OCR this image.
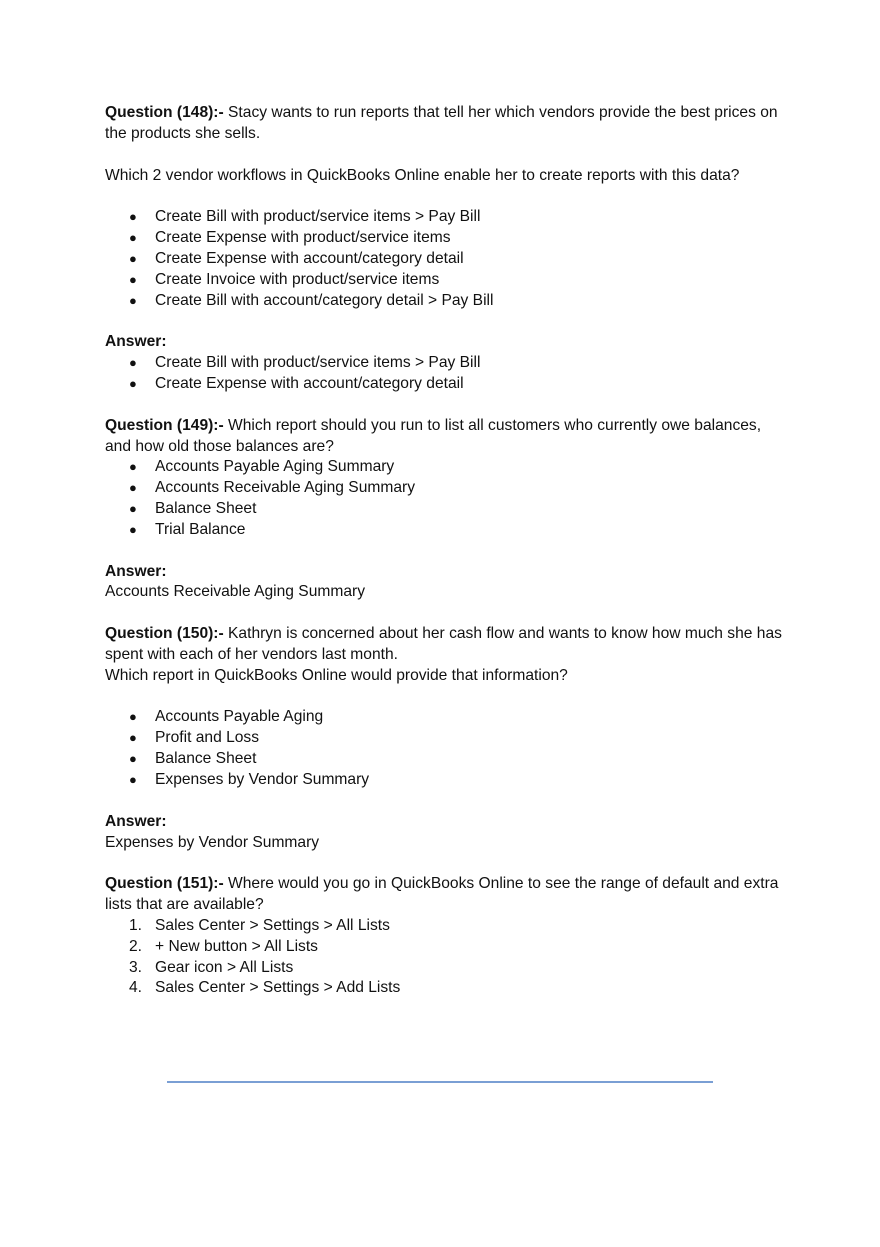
Question (148):- Stacy wants to run reports that tell her which vendors provide the best prices on the products she sells.

Which 2 vendor workflows in QuickBooks Online enable her to create reports with this data?

● Create Bill with product/service items > Pay Bill
● Create Expense with product/service items
● Create Expense with account/category detail
● Create Invoice with product/service items
● Create Bill with account/category detail > Pay Bill

Answer:

● Create Bill with product/service items > Pay Bill
● Create Expense with account/category detail

Question (149):- Which report should you run to list all customers who currently owe balances, and how old those balances are?

● Accounts Payable Aging Summary
● Accounts Receivable Aging Summary
● Balance Sheet
● Trial Balance

Answer:

Accounts Receivable Aging Summary

Question (150):- Kathryn is concerned about her cash flow and wants to know how much she has spent with each of her vendors last month.

Which report in QuickBooks Online would provide that information?

● Accounts Payable Aging
● Profit and Loss
● Balance Sheet
● Expenses by Vendor Summary

Answer:

Expenses by Vendor Summary

Question (151):- Where would you go in QuickBooks Online to see the range of default and extra lists that are available?

1. Sales Center > Settings > All Lists
2. + New button > All Lists
3. Gear icon > All Lists
4. Sales Center > Settings > Add Lists
